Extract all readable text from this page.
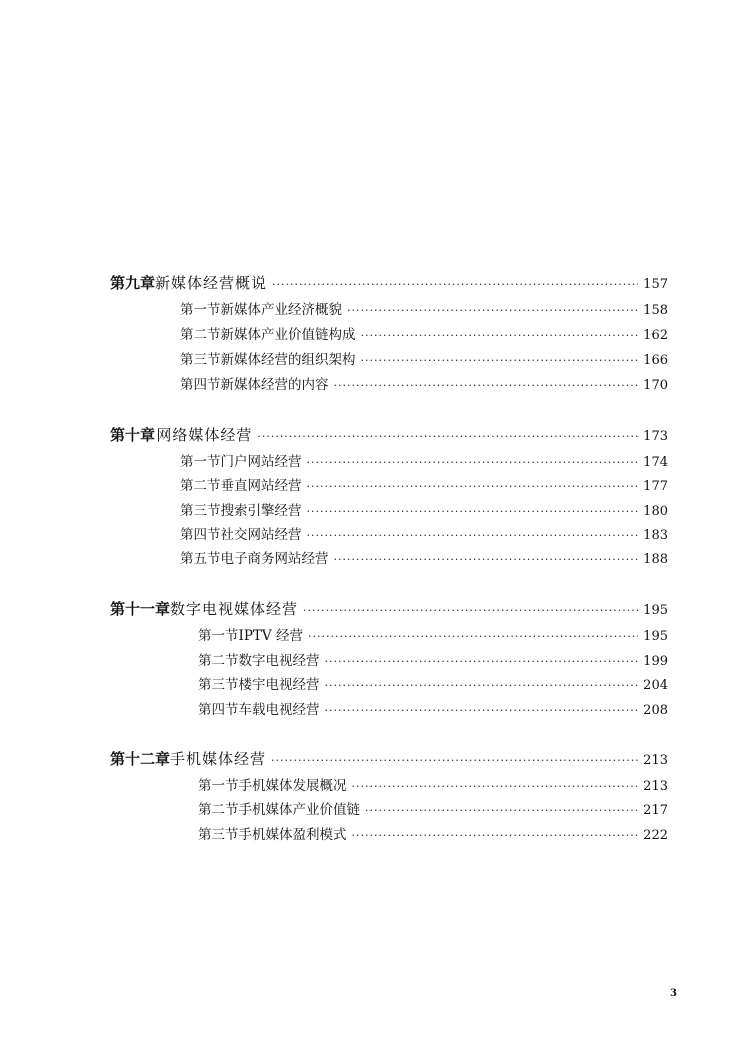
第九章 新媒体经营概说 ·····	157
第一节 新媒体产业经济概貌 ·····	158
第二节 新媒体产业价值链构成 ·····	162
第三节 新媒体经营的组织架构 ·····	166
第四节 新媒体经营的内容 ·····	170
第十章 网络媒体经营 ·····	173
第一节 门户网站经营 ·····	174
第二节 垂直网站经营 ·····	177
第三节 搜索引擎经营 ·····	180
第四节 社交网站经营 ·····	183
第五节 电子商务网站经营 ·····	188
第十一章 数字电视媒体经营 ·····	195
第一节 IPTV 经营 ·····	195
第二节 数字电视经营 ·····	199
第三节 楼宇电视经营 ·····	204
第四节 车载电视经营 ·····	208
第十二章 手机媒体经营 ·····	213
第一节 手机媒体发展概况 ·····	213
第二节 手机媒体产业价值链 ·····	217
第三节 手机媒体盈利模式 ·····	222
3
